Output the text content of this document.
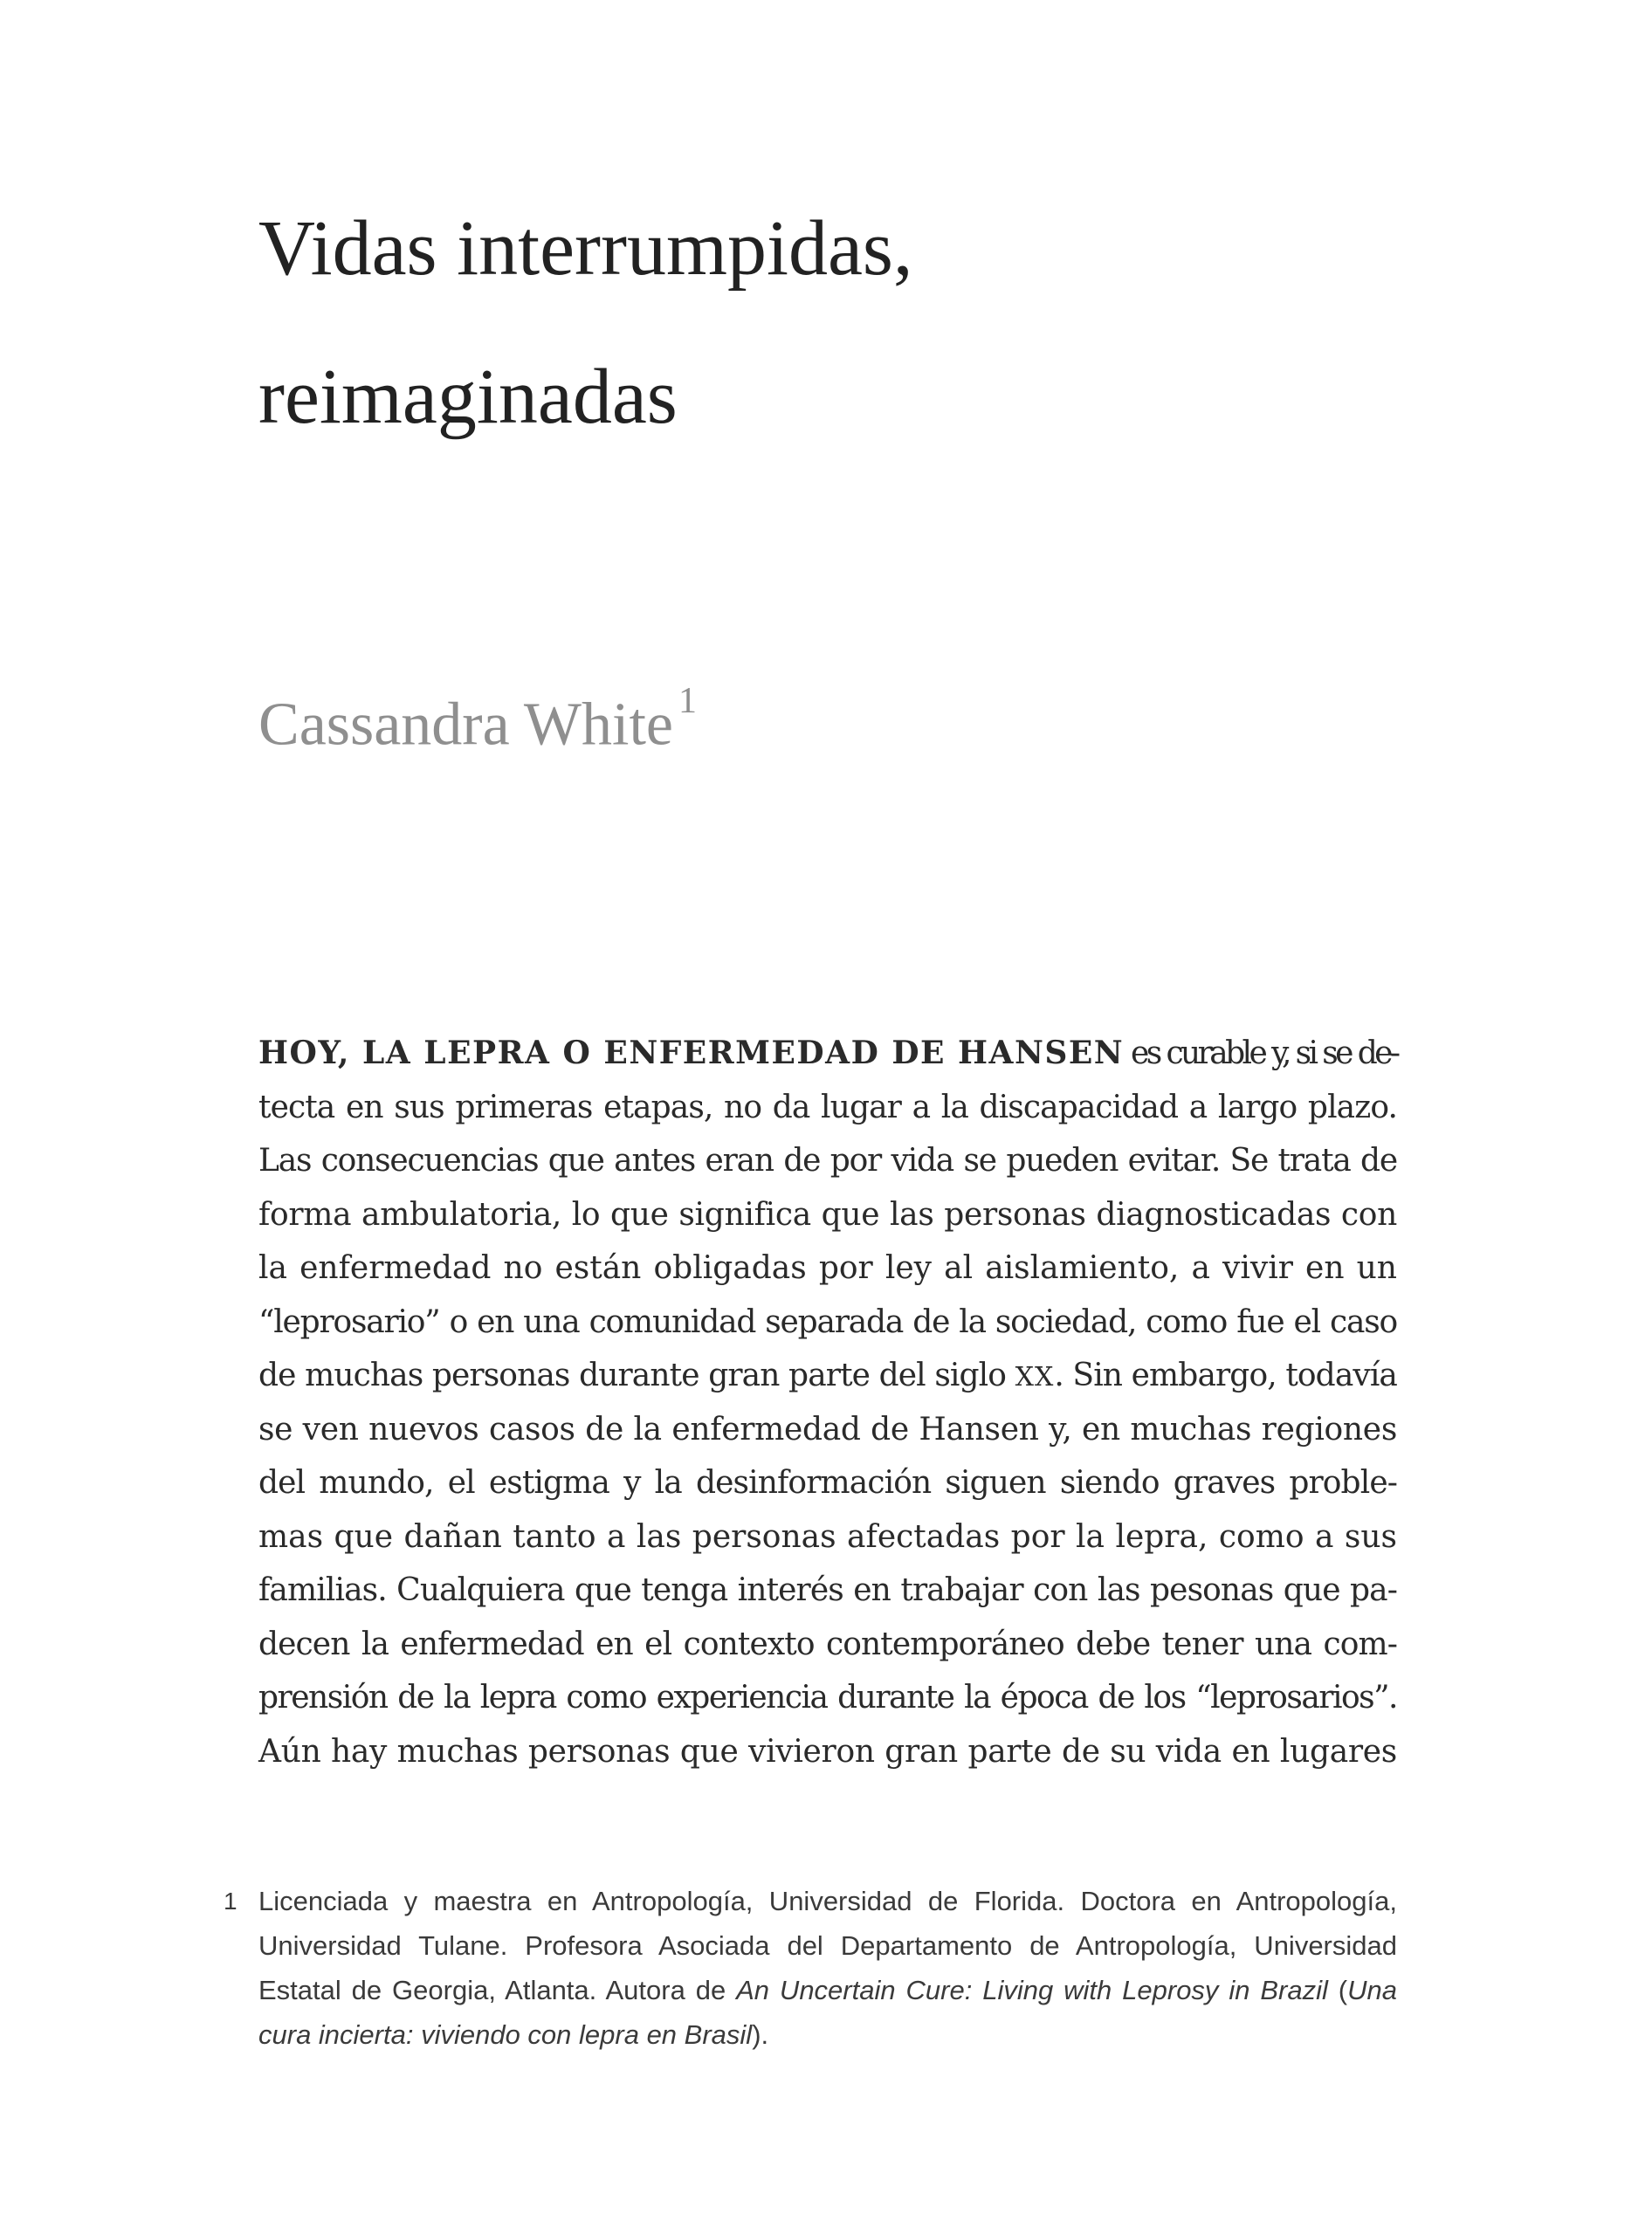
Vidas interrumpidas,
reimaginadas
Cassandra White $^1$
HOY, LA LEPRA O ENFERMEDAD DE HANSEN es curable y, si se de-
tecta en sus primeras etapas, no da lugar a la discapacidad a largo plazo.
Las consecuencias que antes eran de por vida se pueden evitar. Se trata de
forma ambulatoria, lo que significa que las personas diagnosticadas con
la enfermedad no están obligadas por ley al aislamiento, a vivir en un
“leprosario” o en una comunidad separada de la sociedad, como fue el caso
de muchas personas durante gran parte del siglo XX. Sin embargo, todavía
se ven nuevos casos de la enfermedad de Hansen y, en muchas regiones
del mundo, el estigma y la desinformación siguen siendo graves proble-
mas que dañan tanto a las personas afectadas por la lepra, como a sus
familias. Cualquiera que tenga interés en trabajar con las pesonas que pa-
decen la enfermedad en el contexto contemporáneo debe tener una com-
prensión de la lepra como experiencia durante la época de los “leprosarios”.
Aún hay muchas personas que vivieron gran parte de su vida en lugares
1 Licenciada y maestra en Antropología, Universidad de Florida. Doctora en Antropología,
Universidad Tulane. Profesora Asociada del Departamento de Antropología, Universidad
Estatal de Georgia, Atlanta. Autora de An Uncertain Cure: Living with Leprosy in Brazil (Una
cura incierta: viviendo con lepra en Brasil).
